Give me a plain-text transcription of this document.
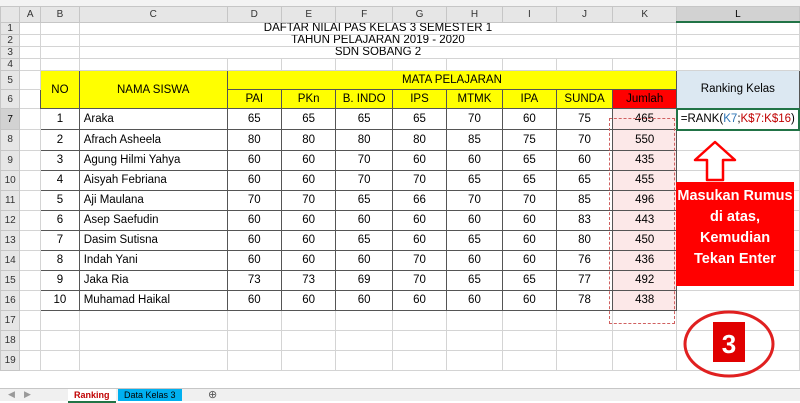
	A	B	C	D	E	F	G	H	I	J	K	L
1			DAFTAR NILAI PAS KELAS 3 SEMESTER 1									
2			TAHUN PELAJARAN 2019 - 2020									
3			SDN SOBANG 2									
4												
5		NO	NAMA SISWA	MATA PELAJARAN								Ranking Kelas
6				PAI	PKn	B. INDO	IPS	MTMK	IPA	SUNDA	Jumlah	
7		1	Araka	65	65	65	65	70	60	75	465	=RANK(K7;K$7:K$16)
8		2	Afrach Asheela	80	80	80	80	85	75	70	550	
9		3	Agung Hilmi Yahya	60	60	70	60	60	65	60	435	
10		4	Aisyah Febriana	60	60	70	70	65	65	65	455	
11		5	Aji Maulana	70	70	65	66	70	70	85	496	
12		6	Asep Saefudin	60	60	60	60	60	60	83	443	
13		7	Dasim Sutisna	60	60	65	60	65	60	80	450	
14		8	Indah Yani	60	60	60	70	60	60	76	436	
15		9	Jaka Ria	73	73	69	70	65	65	77	492	
16		10	Muhamad Haikal	60	60	60	60	60	60	78	438	
17												
18												
19												
Masukan Rumus
di atas,
Kemudian
Tekan Enter
3
◀ ▶	Ranking	Data Kelas 3	⊕
